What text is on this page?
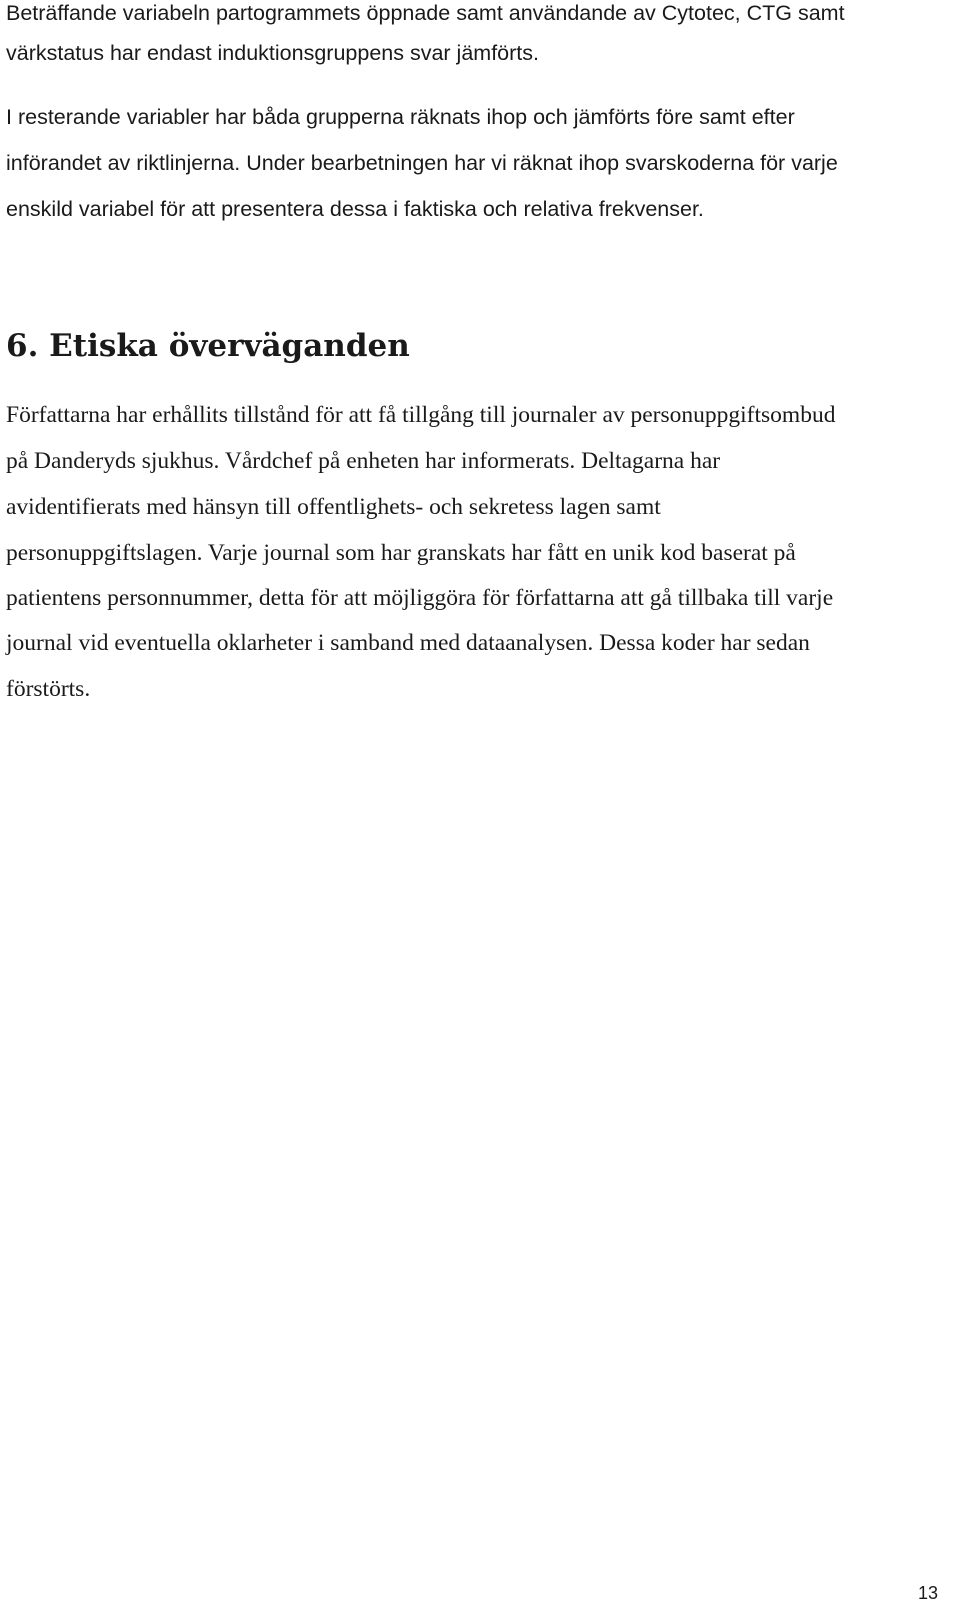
Beträffande variabeln partogrammets öppnade samt användande av Cytotec, CTG samt
värkstatus har endast induktionsgruppens svar jämförts.
I resterande variabler har båda grupperna räknats ihop och jämförts före samt efter
införandet av riktlinjerna. Under bearbetningen har vi räknat ihop svarskoderna för varje
enskild variabel för att presentera dessa i faktiska och relativa frekvenser.
6. Etiska överväganden
Författarna har erhållits tillstånd för att få tillgång till journaler av personuppgiftsombud
på Danderyds sjukhus. Vårdchef på enheten har informerats. Deltagarna har
avidentifierats med hänsyn till offentlighets- och sekretess lagen samt
personuppgiftslagen. Varje journal som har granskats har fått en unik kod baserat på
patientens personnummer, detta för att möjliggöra för författarna att gå tillbaka till varje
journal vid eventuella oklarheter i samband med dataanalysen. Dessa koder har sedan
förstörts.
13
